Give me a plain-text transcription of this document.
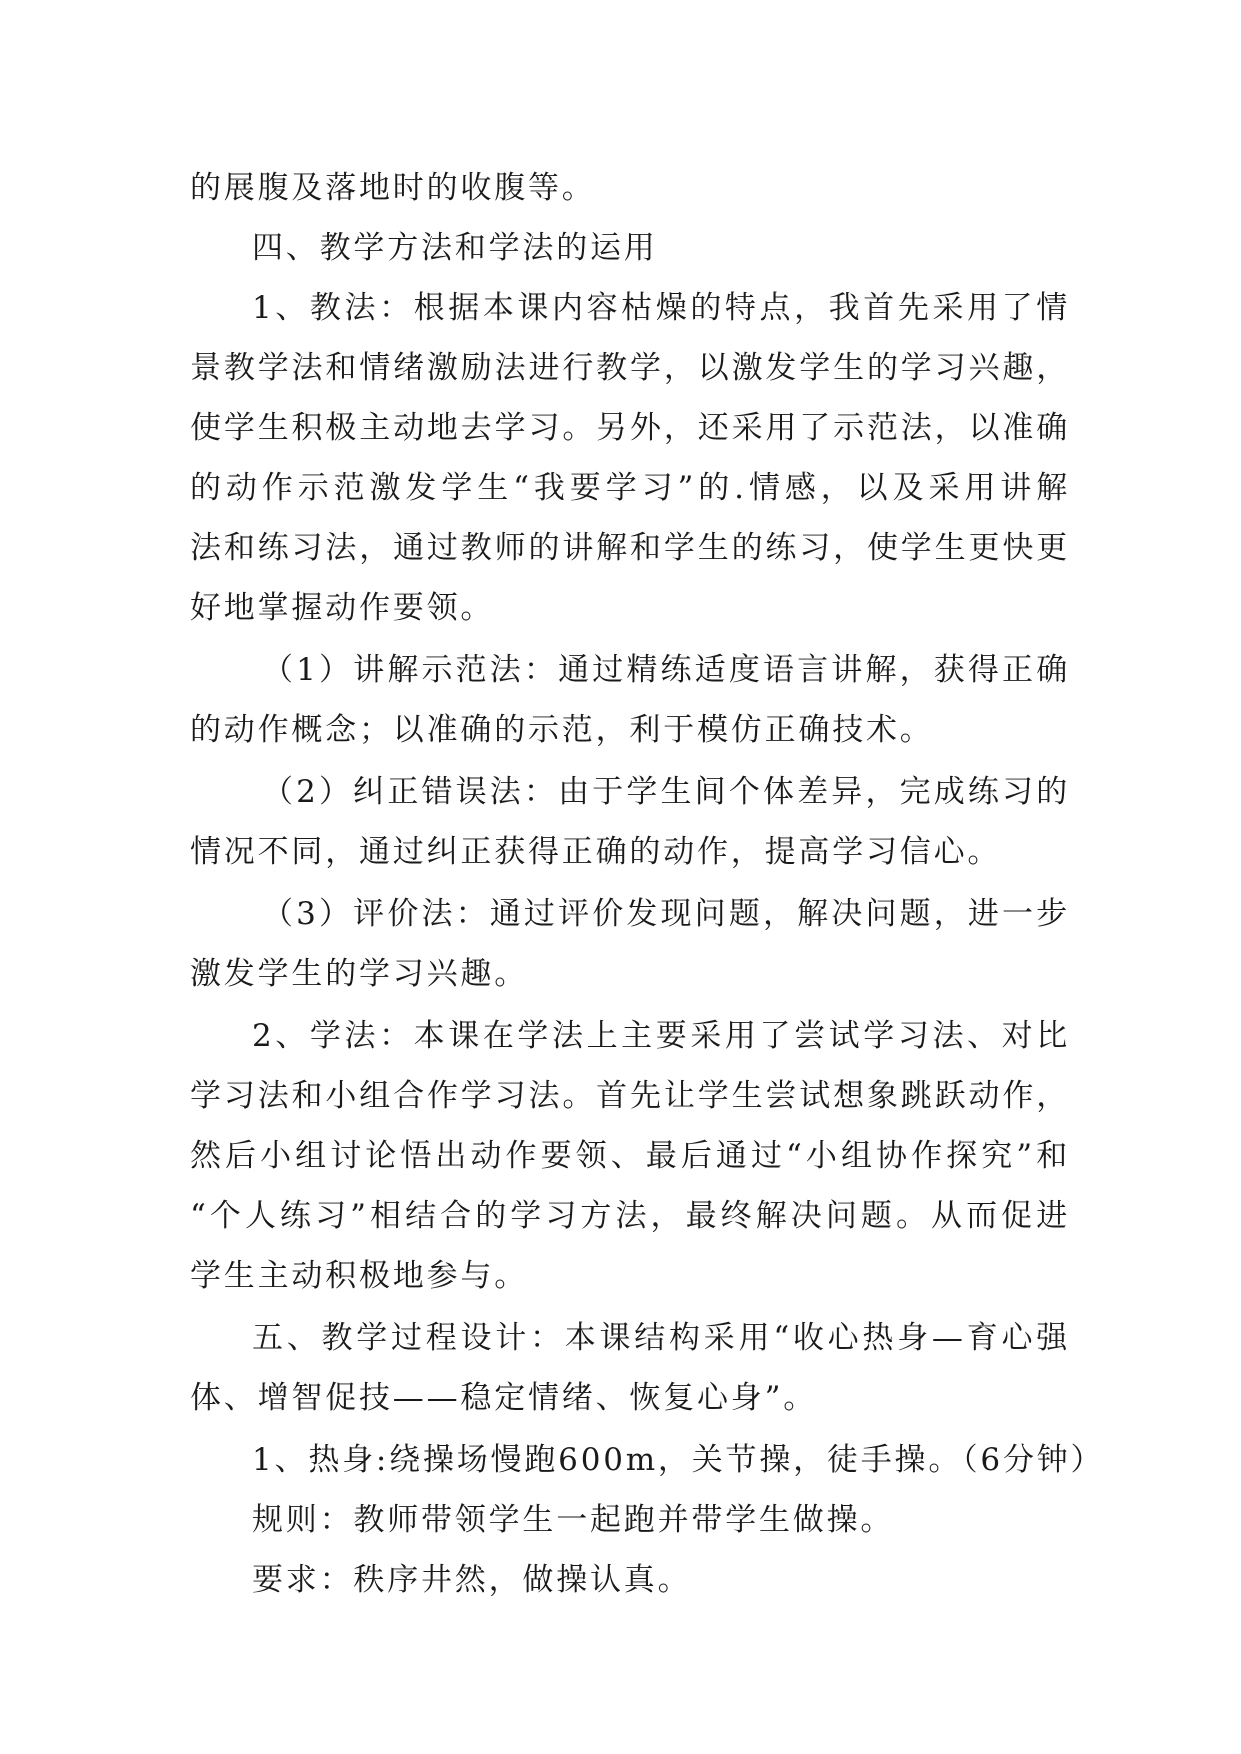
的展腹及落地时的收腹等。
四、教学方法和学法的运用
1、教法：根据本课内容枯燥的特点，我首先采用了情
景教学法和情绪激励法进行教学，以激发学生的学习兴趣，
使学生积极主动地去学习。另外，还采用了示范法，以准确
的动作示范激发学生“我要学习”的.情感，以及采用讲解
法和练习法，通过教师的讲解和学生的练习，使学生更快更
好地掌握动作要领。
（1）讲解示范法：通过精练适度语言讲解，获得正确
的动作概念；以准确的示范，利于模仿正确技术。
（2）纠正错误法：由于学生间个体差异，完成练习的
情况不同，通过纠正获得正确的动作，提高学习信心。
（3）评价法：通过评价发现问题，解决问题，进一步
激发学生的学习兴趣。
2、学法：本课在学法上主要采用了尝试学习法、对比
学习法和小组合作学习法。首先让学生尝试想象跳跃动作，
然后小组讨论悟出动作要领、最后通过“小组协作探究”和
“个人练习”相结合的学习方法，最终解决问题。从而促进
学生主动积极地参与。
五、教学过程设计：本课结构采用“收心热身—育心强
体、增智促技——稳定情绪、恢复心身”。
1、热身:绕操场慢跑600m，关节操，徒手操。（6分钟）
规则：教师带领学生一起跑并带学生做操。
要求：秩序井然，做操认真。
